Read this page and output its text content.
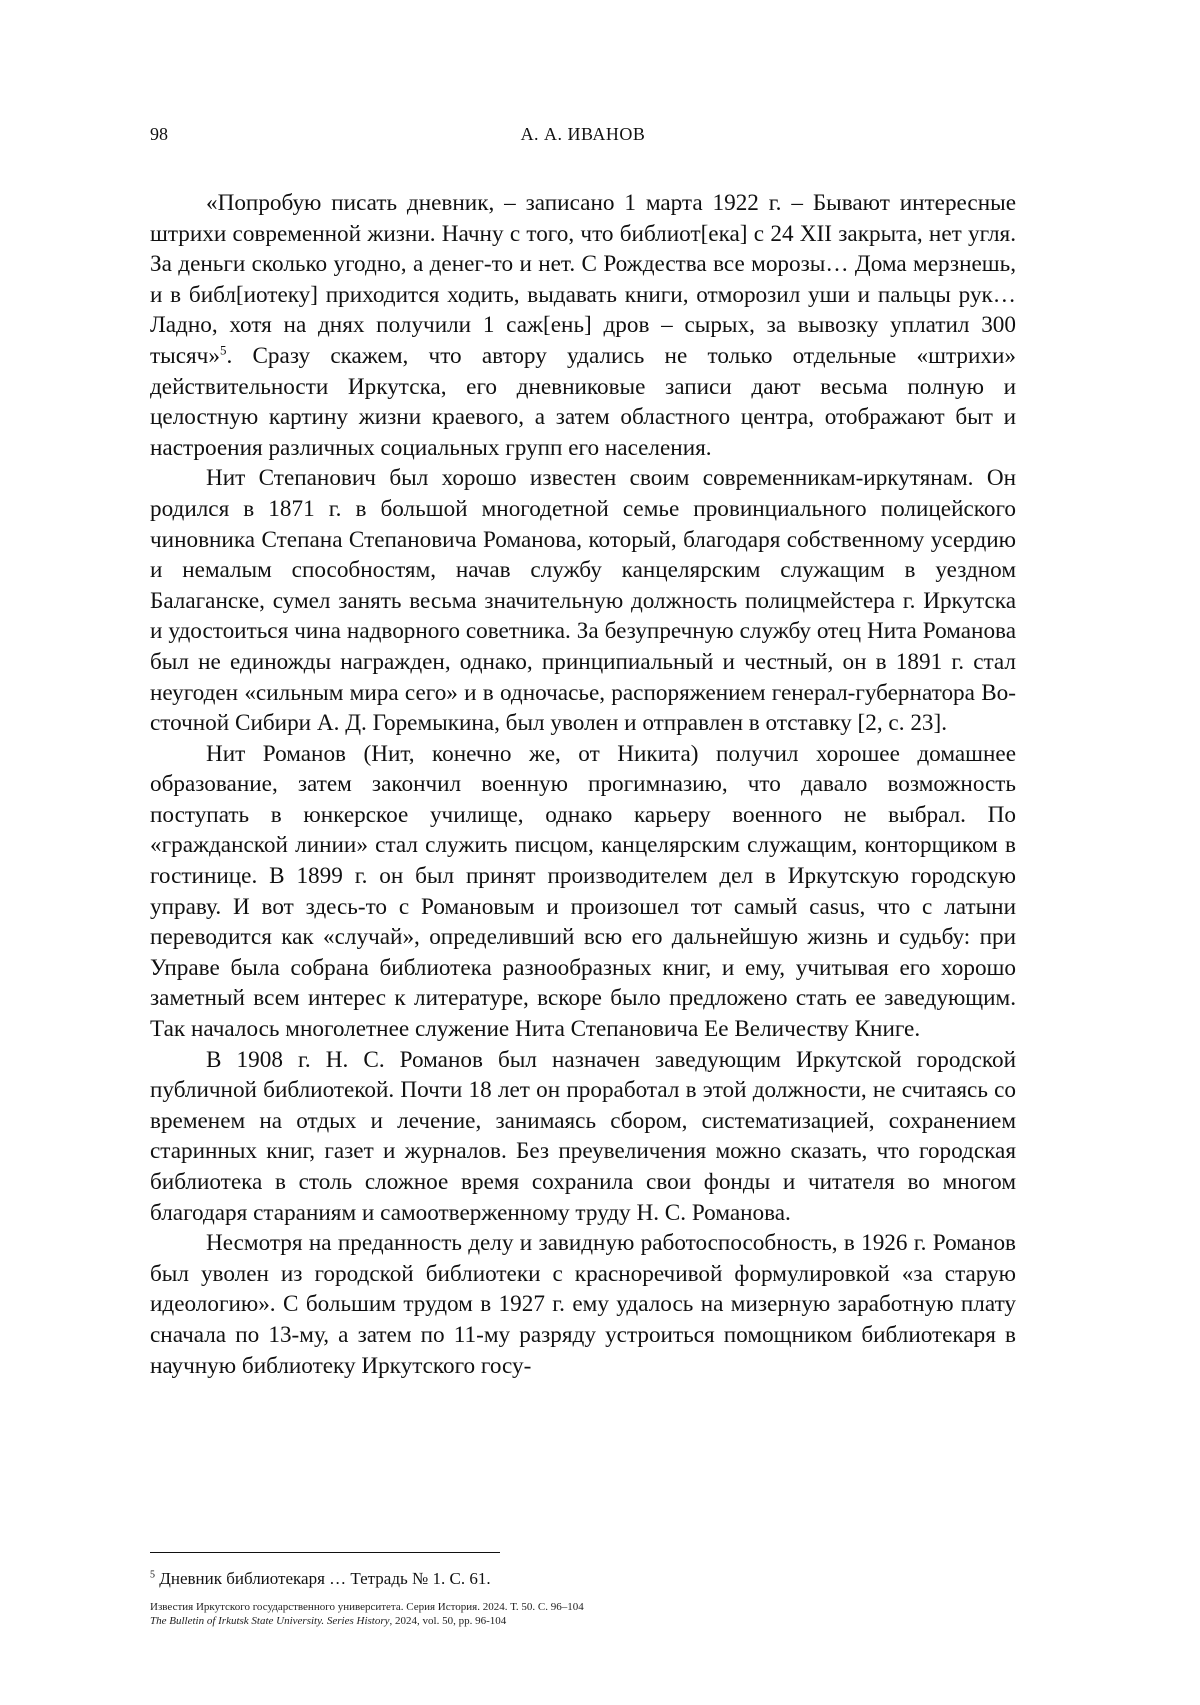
98	А. А. ИВАНОВ

«Попробую писать дневник, – записано 1 марта 1922 г. – Бывают интересные штрихи современной жизни. Начну с того, что библиот[ека] с 24 XII закрыта, нет угля. За деньги сколько угодно, а денег-то и нет. С Рождества все морозы… Дома мерзнешь, и в библ[иотеку] приходится ходить, выдавать книги, отморозил уши и пальцы рук… Ладно, хотя на днях получили 1 саж[ень] дров – сырых, за вывозку уплатил 300 тысяч»$^5$. Сразу скажем, что автору удались не только отдельные «штрихи» действительности Иркутска, его дневниковые записи дают весьма полную и целостную картину жизни краевого, а затем областного центра, отображают быт и настроения различных социальных групп его населения.

Нит Степанович был хорошо известен своим современникам-иркутянам. Он родился в 1871 г. в большой многодетной семье провинциального полицейского чиновника Степана Степановича Романова, который, благодаря собственному усердию и немалым способностям, начав службу канцелярским служащим в уездном Балаганске, сумел занять весьма значительную должность полицмейстера г. Иркутска и удостоиться чина надворного советника. За безупречную службу отец Нита Романова был не единожды награжден, однако, принципиальный и честный, он в 1891 г. стал неугоден «сильным мира сего» и в одночасье, распоряжением генерал-губернатора Восточной Сибири А. Д. Горемыкина, был уволен и отправлен в отставку [2, с. 23].

Нит Романов (Нит, конечно же, от Никита) получил хорошее домашнее образование, затем закончил военную прогимназию, что давало возможность поступать в юнкерское училище, однако карьеру военного не выбрал. По «гражданской линии» стал служить писцом, канцелярским служащим, конторщиком в гостинице. В 1899 г. он был принят производителем дел в Иркутскую городскую управу. И вот здесь-то с Романовым и произошел тот самый casus, что с латыни переводится как «случай», определивший всю его дальнейшую жизнь и судьбу: при Управе была собрана библиотека разнообразных книг, и ему, учитывая его хорошо заметный всем интерес к литературе, вскоре было предложено стать ее заведующим. Так началось многолетнее служение Нита Степановича Ее Величеству Книге.

В 1908 г. Н. С. Романов был назначен заведующим Иркутской городской публичной библиотекой. Почти 18 лет он проработал в этой должности, не считаясь со временем на отдых и лечение, занимаясь сбором, систематизацией, сохранением старинных книг, газет и журналов. Без преувеличения можно сказать, что городская библиотека в столь сложное время сохранила свои фонды и читателя во многом благодаря стараниям и самоотверженному труду Н. С. Романова.

Несмотря на преданность делу и завидную работоспособность, в 1926 г. Романов был уволен из городской библиотеки с красноречивой формулировкой «за старую идеологию». С большим трудом в 1927 г. ему удалось на мизерную заработную плату сначала по 13-му, а затем по 11-му разряду устроиться помощником библиотекаря в научную библиотеку Иркутского госу-

$^5$ Дневник библиотекаря … Тетрадь № 1. С. 61.
Известия Иркутского государственного университета. Серия История. 2024. Т. 50. С. 96–104
The Bulletin of Irkutsk State University. Series History, 2024, vol. 50, pp. 96-104
